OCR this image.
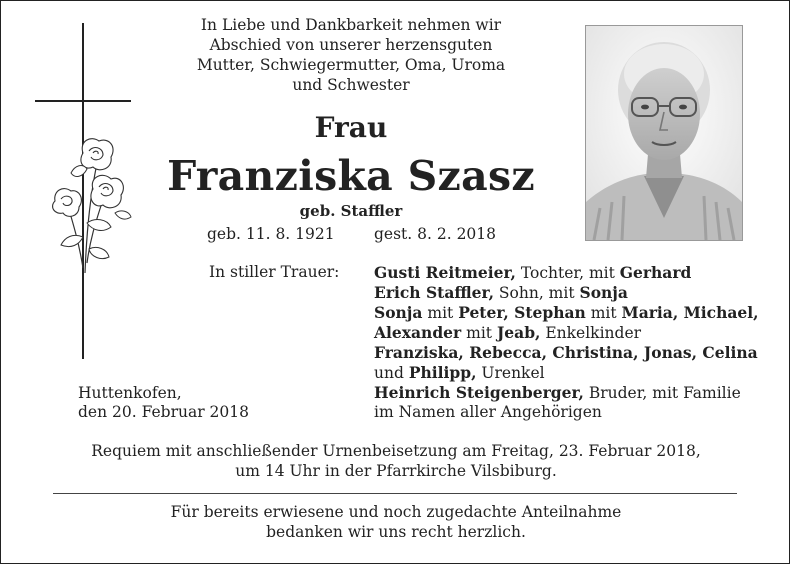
In Liebe und Dankbarkeit nehmen wir
Abschied von unserer herzensguten
Mutter, Schwiegermutter, Oma, Uroma
und Schwester
Frau
Franziska Szasz
geb. Staffler
geb. 11. 8. 1921	gest. 8. 2. 2018
In stiller Trauer: Gusti Reitmeier, Tochter, mit Gerhard
Erich Staffler, Sohn, mit Sonja
Sonja mit Peter, Stephan mit Maria, Michael,
Alexander mit Jeab, Enkelkinder
Franziska, Rebecca, Christina, Jonas, Celina
und Philipp, Urenkel
Heinrich Steigenberger, Bruder, mit Familie
im Namen aller Angehörigen
Huttenkofen,
den 20. Februar 2018
Requiem mit anschließender Urnenbeisetzung am Freitag, 23. Februar 2018,
um 14 Uhr in der Pfarrkirche Vilsbiburg.
Für bereits erwiesene und noch zugedachte Anteilnahme
bedanken wir uns recht herzlich.
